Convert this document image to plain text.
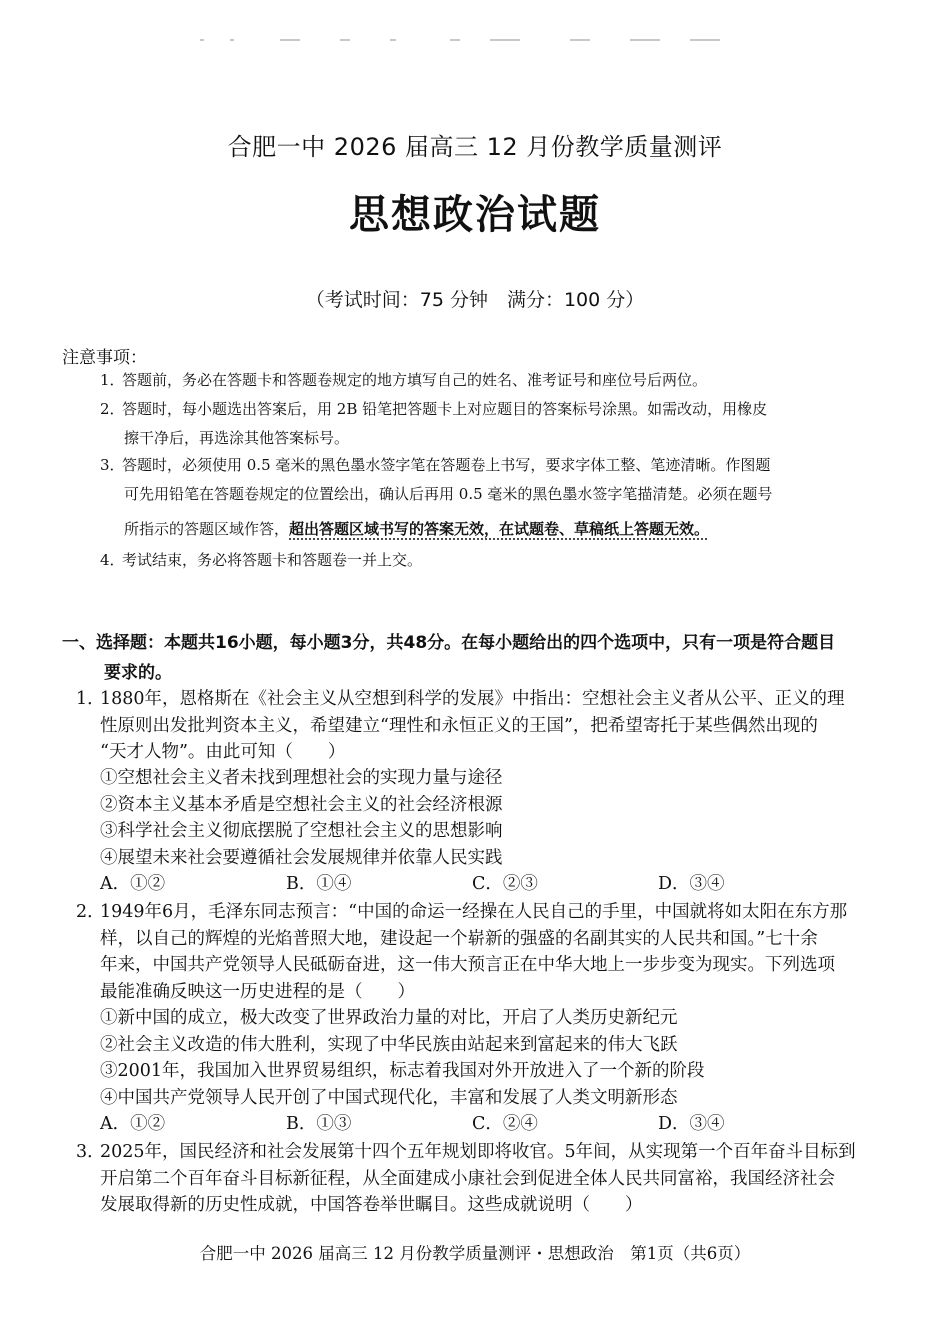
合肥一中 2026 届高三 12 月份教学质量测评
思想政治试题
（考试时间：75 分钟　满分：100 分）
注意事项：
1．答题前，务必在答题卡和答题卷规定的地方填写自己的姓名、准考证号和座位号后两位。
2．答题时，每小题选出答案后，用 2B 铅笔把答题卡上对应题目的答案标号涂黑。如需改动，用橡皮
擦干净后，再选涂其他答案标号。
3．答题时，必须使用 0.5 毫米的黑色墨水签字笔在答题卷上书写，要求字体工整、笔迹清晰。作图题
可先用铅笔在答题卷规定的位置绘出，确认后再用 0.5 毫米的黑色墨水签字笔描清楚。必须在题号
所指示的答题区域作答，超出答题区域书写的答案无效，在试题卷、草稿纸上答题无效。
4．考试结束，务必将答题卡和答题卷一并上交。
一、选择题：本题共16小题，每小题3分，共48分。在每小题给出的四个选项中，只有一项是符合题目
要求的。
1．1880年，恩格斯在《社会主义从空想到科学的发展》中指出：空想社会主义者从公平、正义的理
性原则出发批判资本主义，希望建立“理性和永恒正义的王国”，把希望寄托于某些偶然出现的
“天才人物”。由此可知（　　）
①空想社会主义者未找到理想社会的实现力量与途径
②资本主义基本矛盾是空想社会主义的社会经济根源
③科学社会主义彻底摆脱了空想社会主义的思想影响
④展望未来社会要遵循社会发展规律并依靠人民实践
A．①②	B．①④	C．②③	D．③④
2．1949年6月，毛泽东同志预言：“中国的命运一经操在人民自己的手里，中国就将如太阳在东方那
样，以自己的辉煌的光焰普照大地，建设起一个崭新的强盛的名副其实的人民共和国。”七十余
年来，中国共产党领导人民砥砺奋进，这一伟大预言正在中华大地上一步步变为现实。下列选项
最能准确反映这一历史进程的是（　　）
①新中国的成立，极大改变了世界政治力量的对比，开启了人类历史新纪元
②社会主义改造的伟大胜利，实现了中华民族由站起来到富起来的伟大飞跃
③2001年，我国加入世界贸易组织，标志着我国对外开放进入了一个新的阶段
④中国共产党领导人民开创了中国式现代化，丰富和发展了人类文明新形态
A．①②	B．①③	C．②④	D．③④
3．2025年，国民经济和社会发展第十四个五年规划即将收官。5年间，从实现第一个百年奋斗目标到
开启第二个百年奋斗目标新征程，从全面建成小康社会到促进全体人民共同富裕，我国经济社会
发展取得新的历史性成就，中国答卷举世瞩目。这些成就说明（　　）
合肥一中 2026 届高三 12 月份教学质量测评・思想政治　第1页（共6页）
